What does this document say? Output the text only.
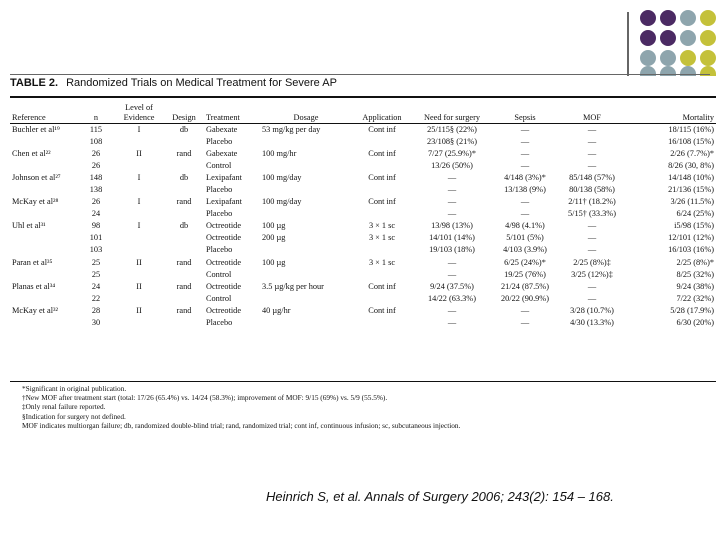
TABLE 2. Randomized Trials on Medical Treatment for Severe AP
Reference	n	Level of Evidence	Design	Treatment	Dosage	Application	Need for surgery	Sepsis	MOF	Mortality
Buchler et al¹⁹	115	I	db	Gabexate	53 mg/kg per day	Cont inf	25/115§ (22%)	—	—	18/115 (16%)
	108			Placebo			23/108§ (21%)	—	—	16/108 (15%)
Chen et al²²	26	II	rand	Gabexate	100 mg/hr	Cont inf	7/27 (25.9%)*	—	—	2/26 (7.7%)*
	26			Control			13/26 (50%)	—	—	8/26 (30, 8%)
Johnson et al²⁷	148	I	db	Lexipafant	100 mg/day	Cont inf	—	4/148 (3%)*	85/148 (57%)	14/148 (10%)
	138			Placebo			—	13/138 (9%)	80/138 (58%)	21/136 (15%)
McKay et al²⁸	26	I	rand	Lexipafant	100 mg/day	Cont inf	—	—	2/11† (18.2%)	3/26 (11.5%)
	24			Placebo			—	—	5/15† (33.3%)	6/24 (25%)
Uhl et al³¹	98	I	db	Octreotide	100 µg	3 × 1 sc	13/98 (13%)	4/98 (4.1%)	—	i5/98 (15%)
	101			Octreotide	200 µg	3 × 1 sc	14/101 (14%)	5/101 (5%)	—	12/101 (12%)
	103			Placebo			19/103 (18%)	4/103 (3.9%)	—	16/103 (16%)
Paran et al³⁵	25	II	rand	Octreotide	100 µg	3 × 1 sc	—	6/25 (24%)*	2/25 (8%)‡	2/25 (8%)*
	25			Control			—	19/25 (76%)	3/25 (12%)‡	8/25 (32%)
Planas et al³⁴	24	II	rand	Octreotide	3.5 µg/kg per hour	Cont inf	9/24 (37.5%)	21/24 (87.5%)	—	9/24 (38%)
	22			Control			14/22 (63.3%)	20/22 (90.9%)	—	7/22 (32%)
McKay et al³²	28	II	rand	Octreotide	40 µg/hr	Cont inf	—	—	3/28 (10.7%)	5/28 (17.9%)
	30			Placebo			—	—	4/30 (13.3%)	6/30 (20%)
*Significant in original publication.
†New MOF after treatment start (total: 17/26 (65.4%) vs. 14/24 (58.3%); improvement of MOF: 9/15 (69%) vs. 5/9 (55.5%).
‡Only renal failure reported.
§Indication for surgery not defined.
MOF indicates multiorgan failure; db, randomized double-blind trial; rand, randomized trial; cont inf, continuous infusion; sc, subcutaneous injection.
Heinrich S, et al. Annals of Surgery 2006; 243(2): 154 – 168.
